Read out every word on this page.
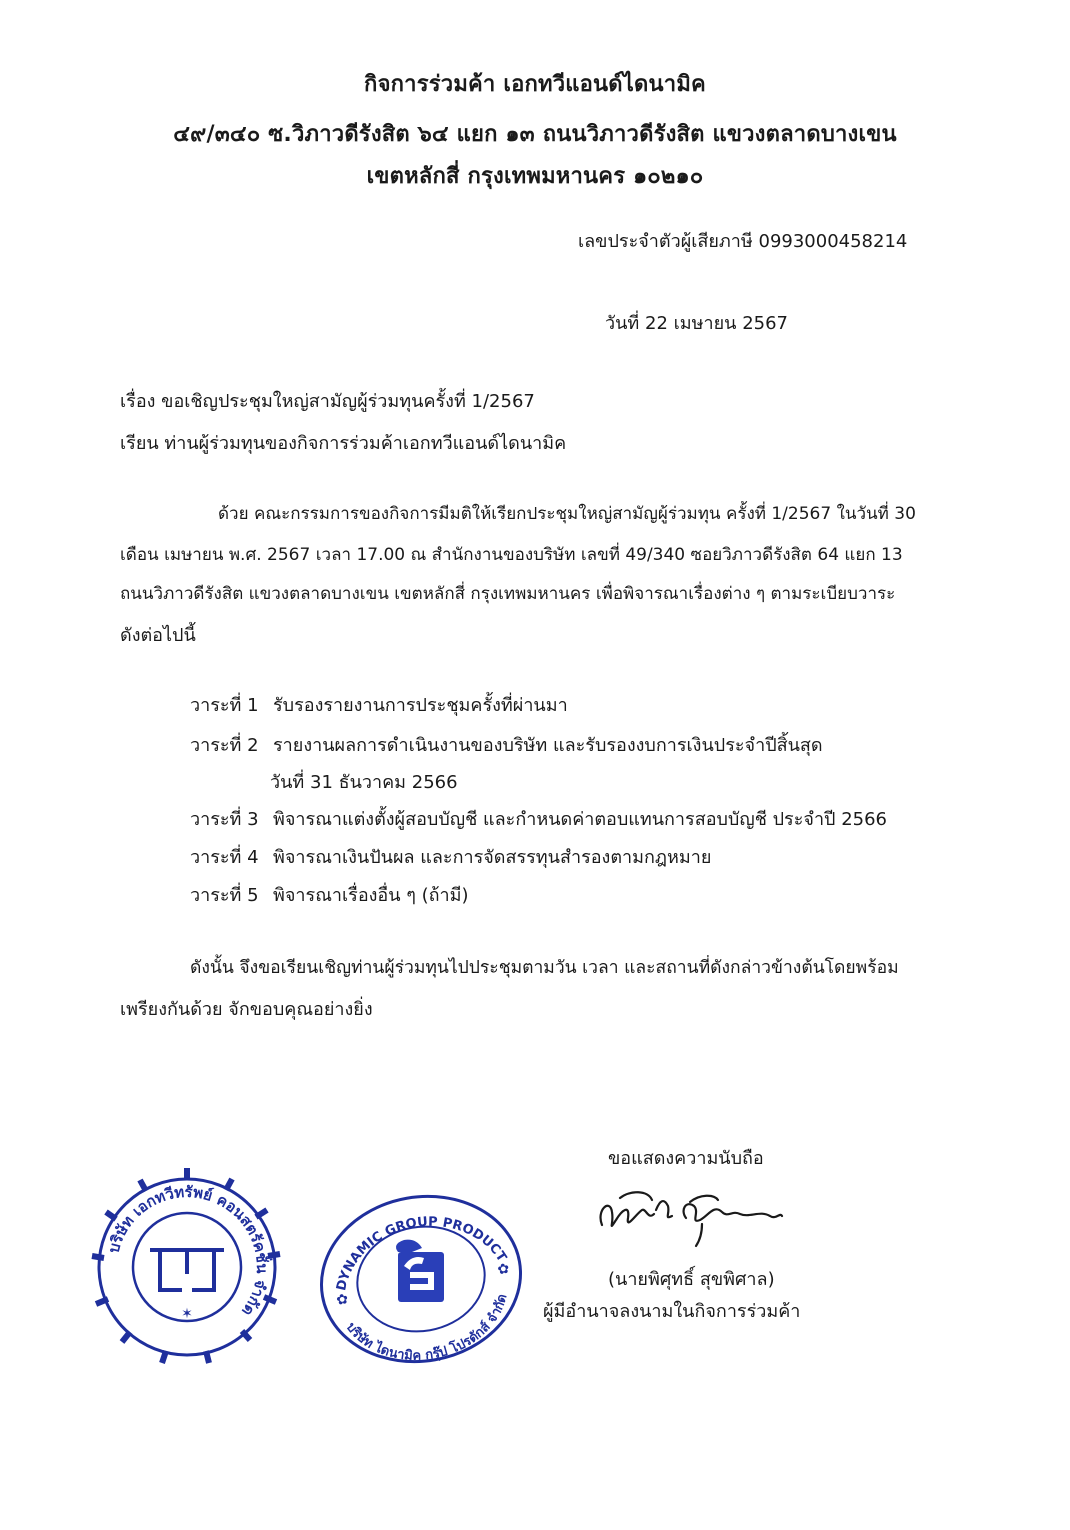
กิจการร่วมค้า เอกทวีแอนด์ไดนามิค
๔๙/๓๔๐ ซ.วิภาวดีรังสิต ๖๔ แยก ๑๓ ถนนวิภาวดีรังสิต แขวงตลาดบางเขน
เขตหลักสี่ กรุงเทพมหานคร ๑๐๒๑๐
เลขประจำตัวผู้เสียภาษี 0993000458214
วันที่ 22 เมษายน 2567
เรื่อง ขอเชิญประชุมใหญ่สามัญผู้ร่วมทุนครั้งที่ 1/2567
เรียน ท่านผู้ร่วมทุนของกิจการร่วมค้าเอกทวีแอนด์ไดนามิค
ด้วย คณะกรรมการของกิจการมีมติให้เรียกประชุมใหญ่สามัญผู้ร่วมทุน ครั้งที่ 1/2567 ในวันที่ 30
เดือน เมษายน พ.ศ. 2567 เวลา 17.00 ณ สำนักงานของบริษัท เลขที่ 49/340 ซอยวิภาวดีรังสิต 64 แยก 13
ถนนวิภาวดีรังสิต แขวงตลาดบางเขน เขตหลักสี่ กรุงเทพมหานคร เพื่อพิจารณาเรื่องต่าง ๆ ตามระเบียบวาระ
ดังต่อไปนี้
วาระที่ 1 รับรองรายงานการประชุมครั้งที่ผ่านมา
วาระที่ 2 รายงานผลการดำเนินงานของบริษัท และรับรองงบการเงินประจำปีสิ้นสุด
วันที่ 31 ธันวาคม 2566
วาระที่ 3 พิจารณาแต่งตั้งผู้สอบบัญชี และกำหนดค่าตอบแทนการสอบบัญชี ประจำปี 2566
วาระที่ 4 พิจารณาเงินปันผล และการจัดสรรทุนสำรองตามกฎหมาย
วาระที่ 5 พิจารณาเรื่องอื่น ๆ (ถ้ามี)
ดังนั้น จึงขอเรียนเชิญท่านผู้ร่วมทุนไปประชุมตามวัน เวลา และสถานที่ดังกล่าวข้างต้นโดยพร้อม
เพรียงกันด้วย จักขอบคุณอย่างยิ่ง
ขอแสดงความนับถือ
(นายพิศุทธิ์ สุขพิศาล)
ผู้มีอำนาจลงนามในกิจการร่วมค้า
บริษัท เอกทวีทรัพย์ คอนสตรัคชั่น จำกัด
✶
DYNAMIC GROUP PRODUCTS
บริษัท ไดนามิค กรุ๊ป โปรดักส์ จำกัด
✿
✿
